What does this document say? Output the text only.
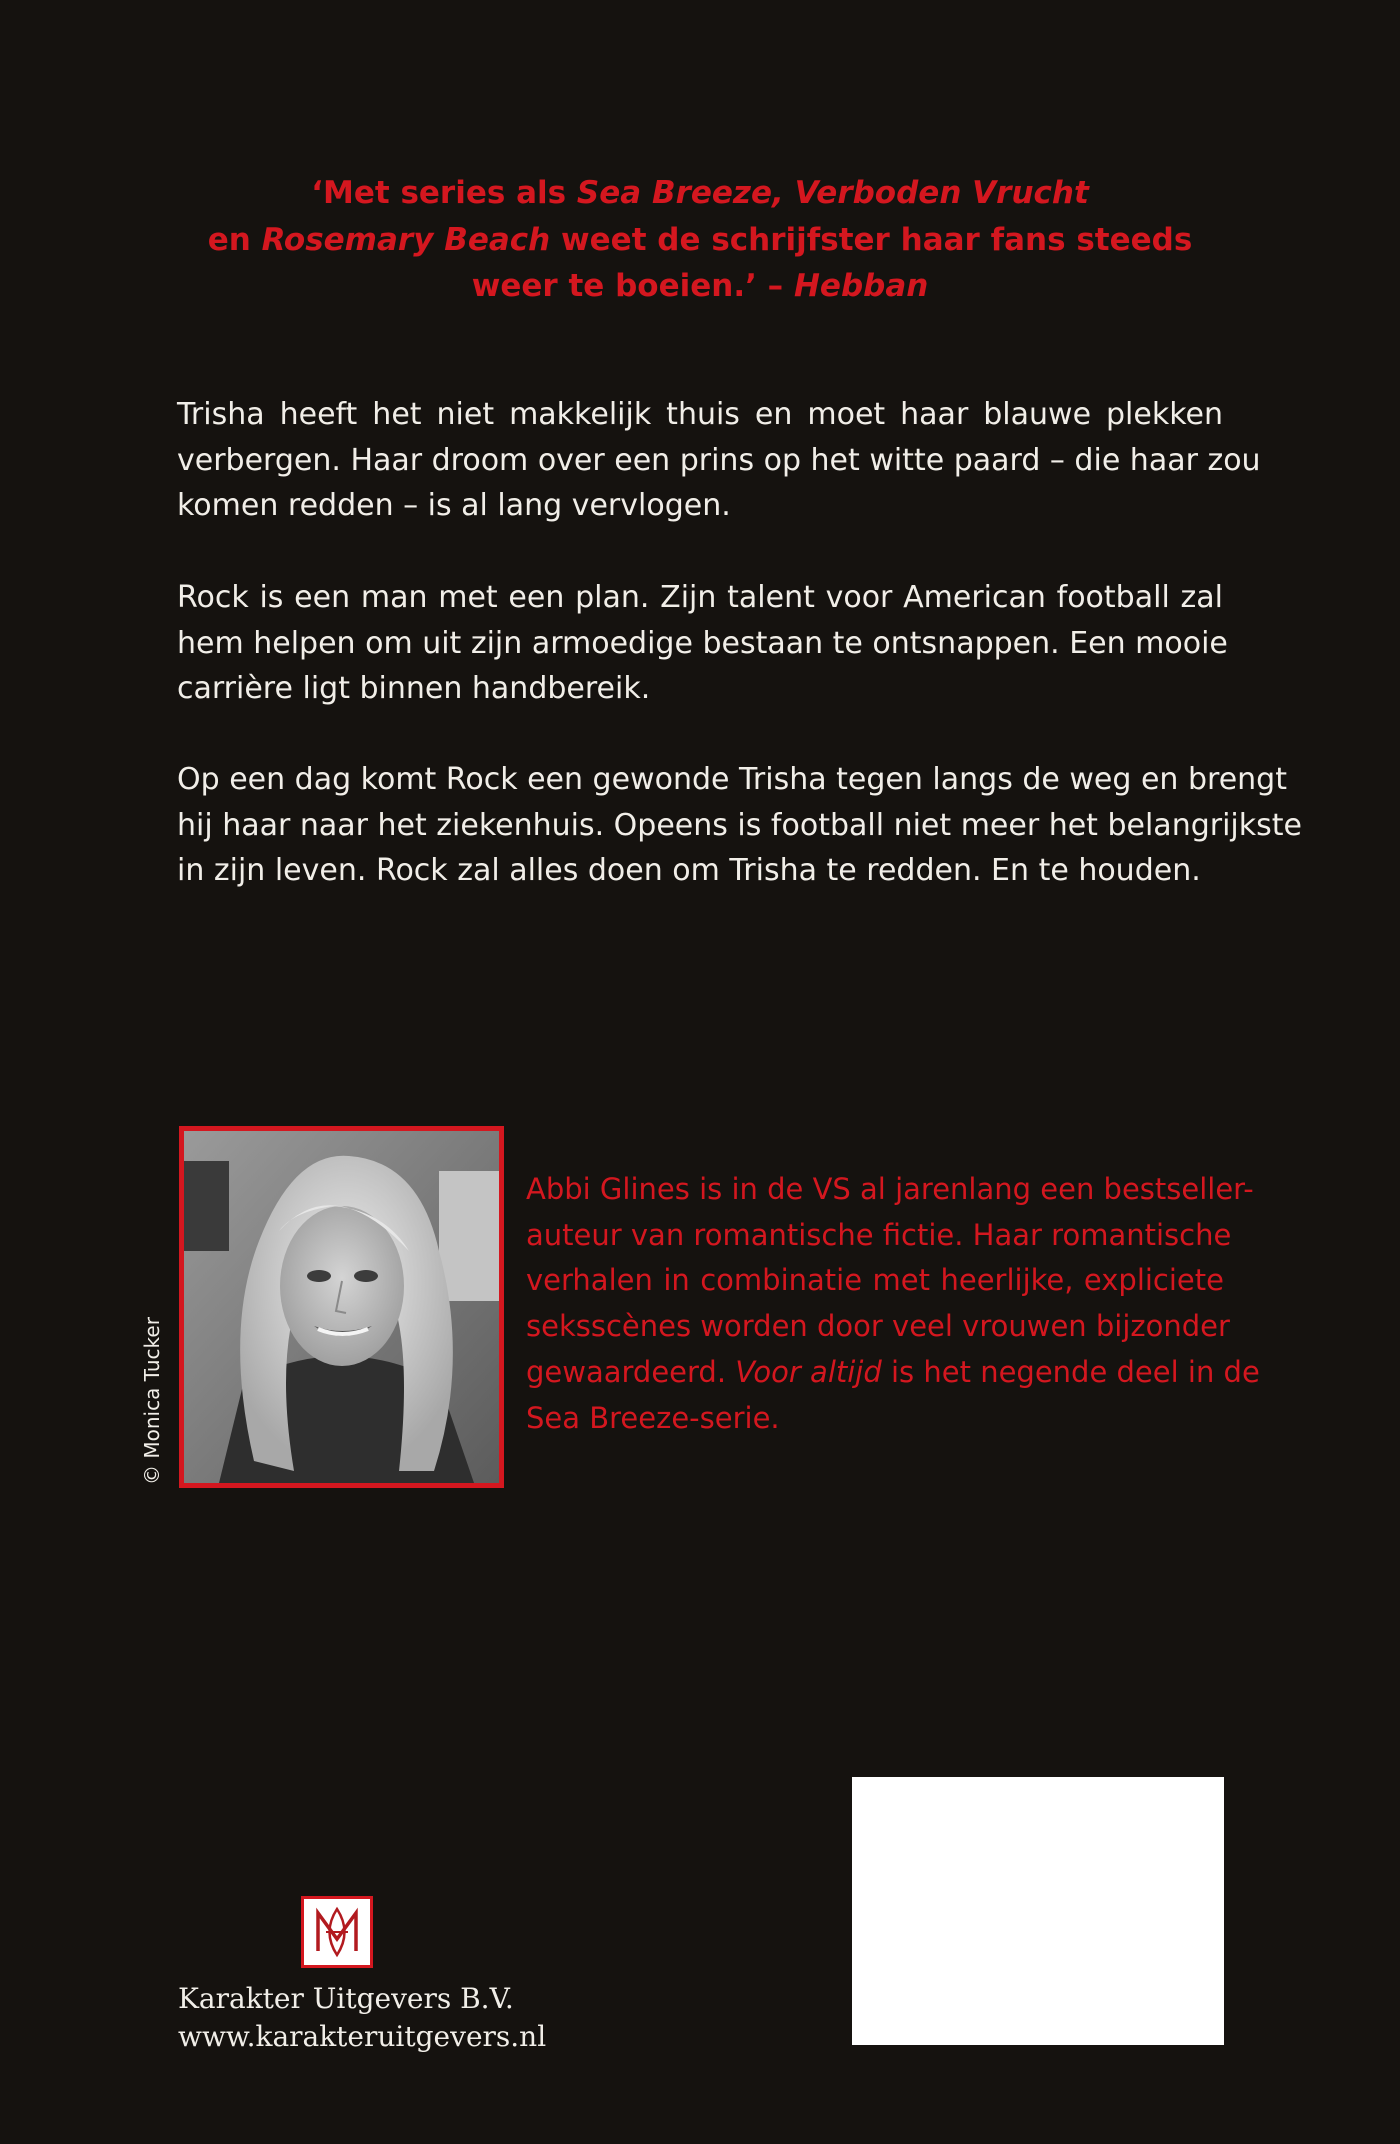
‘Met series als Sea Breeze, Verboden Vrucht
en Rosemary Beach weet de schrijfster haar fans steeds
weer te boeien.’ – Hebban
Trisha heeft het niet makkelijk thuis en moet haar blauwe plekken
verbergen. Haar droom over een prins op het witte paard – die haar zou
komen redden – is al lang vervlogen.
Rock is een man met een plan. Zijn talent voor American football zal
hem helpen om uit zijn armoedige bestaan te ontsnappen. Een mooie
carrière ligt binnen handbereik.
Op een dag komt Rock een gewonde Trisha tegen langs de weg en brengt
hij haar naar het ziekenhuis. Opeens is football niet meer het belangrijkste
in zijn leven. Rock zal alles doen om Trisha te redden. En te houden.
© Monica Tucker
Abbi Glines is in de VS al jarenlang een bestseller-
auteur van romantische fictie. Haar romantische
verhalen in combinatie met heerlijke, expliciete
seksscènes worden door veel vrouwen bijzonder
gewaardeerd. Voor altijd is het negende deel in de
Sea Breeze-serie.
Karakter Uitgevers B.V.
www.karakteruitgevers.nl
